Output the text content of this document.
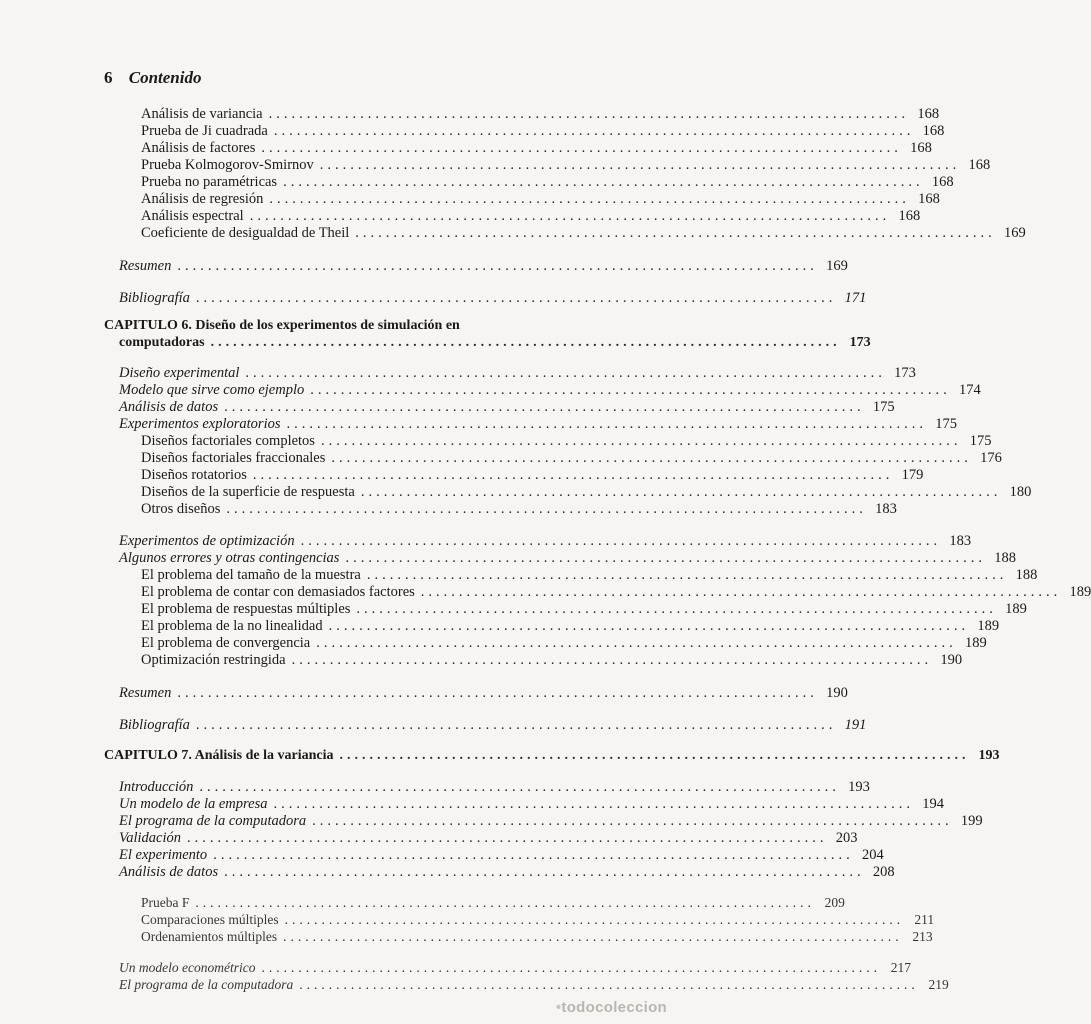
6 Contenido
Análisis de variancia .................................................................................... 168
Prueba de Ji cuadrada .................................................................................... 168
Análisis de factores .................................................................................... 168
Prueba Kolmogorov-Smirnov .................................................................................... 168
Prueba no paramétricas .................................................................................... 168
Análisis de regresión .................................................................................... 168
Análisis espectral .................................................................................... 168
Coeficiente de desigualdad de Theil .................................................................................... 169
Resumen .................................................................................... 169
Bibliografía .................................................................................... 171
CAPITULO 6. Diseño de los experimentos de simulación en
computadoras .................................................................................... 173
Diseño experimental .................................................................................... 173
Modelo que sirve como ejemplo .................................................................................... 174
Análisis de datos .................................................................................... 175
Experimentos exploratorios .................................................................................... 175
Diseños factoriales completos .................................................................................... 175
Diseños factoriales fraccionales .................................................................................... 176
Diseños rotatorios .................................................................................... 179
Diseños de la superficie de respuesta .................................................................................... 180
Otros diseños .................................................................................... 183
Experimentos de optimización .................................................................................... 183
Algunos errores y otras contingencias .................................................................................... 188
El problema del tamaño de la muestra .................................................................................... 188
El problema de contar con demasiados factores .................................................................................... 189
El problema de respuestas múltiples .................................................................................... 189
El problema de la no linealidad .................................................................................... 189
El problema de convergencia .................................................................................... 189
Optimización restringida .................................................................................... 190
Resumen .................................................................................... 190
Bibliografía .................................................................................... 191
CAPITULO 7. Análisis de la variancia .................................................................................... 193
Introducción .................................................................................... 193
Un modelo de la empresa .................................................................................... 194
El programa de la computadora .................................................................................... 199
Validación .................................................................................... 203
El experimento .................................................................................... 204
Análisis de datos .................................................................................... 208
Prueba F .................................................................................... 209
Comparaciones múltiples .................................................................................... 211
Ordenamientos múltiples .................................................................................... 213
Un modelo econométrico .................................................................................... 217
El programa de la computadora .................................................................................... 219
•todocoleccion
